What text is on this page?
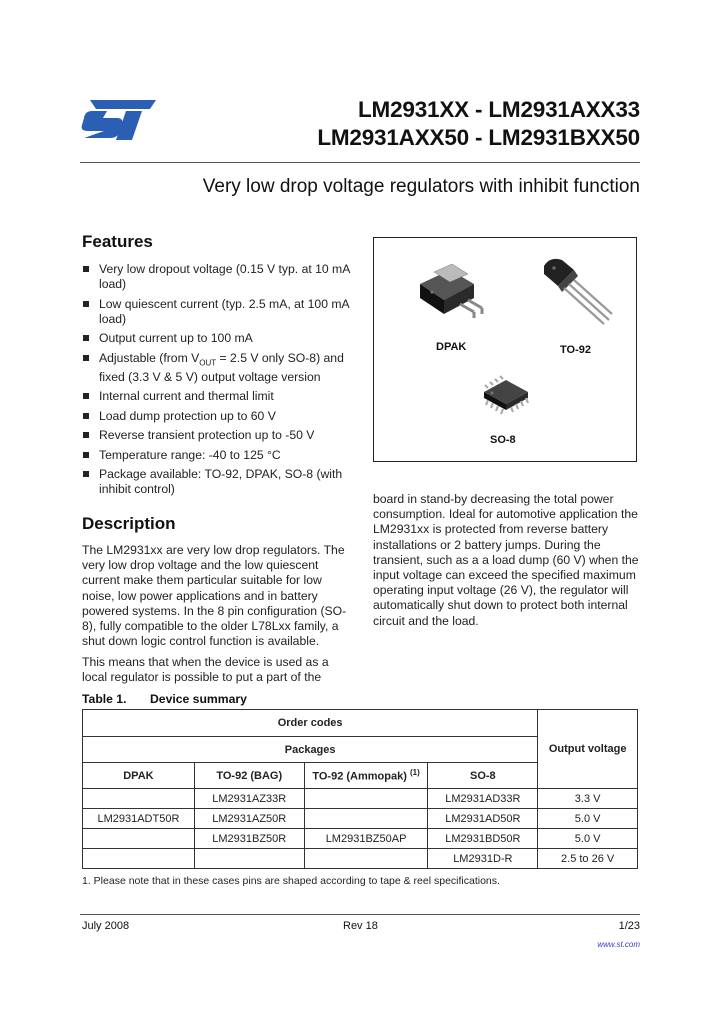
LM2931XX - LM2931AXX33
LM2931AXX50 - LM2931BXX50
Very low drop voltage regulators with inhibit function
Features
Very low dropout voltage (0.15 V typ. at 10 mA load)
Low quiescent current (typ. 2.5 mA, at 100 mA load)
Output current up to 100 mA
Adjustable (from $V_{OUT} = 2.5$ V only SO-8) and fixed (3.3 V & 5 V) output voltage version
Internal current and thermal limit
Load dump protection up to 60 V
Reverse transient protection up to -50 V
Temperature range: -40 to 125 °C
Package available: TO-92, DPAK, SO-8 (with inhibit control)
DPAK	TO-92
SO-8
Description
The LM2931xx are very low drop regulators. The very low drop voltage and the low quiescent current make them particular suitable for low noise, low power applications and in battery powered systems. In the 8 pin configuration (SO-8), fully compatible to the older L78Lxx family, a shut down logic control function is available.
This means that when the device is used as a local regulator is possible to put a part of the
board in stand-by decreasing the total power consumption. Ideal for automotive application the LM2931xx is protected from reverse battery installations or 2 battery jumps. During the transient, such as a a load dump (60 V) when the input voltage can exceed the specified maximum operating input voltage (26 V), the regulator will automatically shut down to protect both internal circuit and the load.
Table 1. Device summary
Order codes				Output voltage
Packages				
DPAK	TO-92 (BAG)	TO-92 (Ammopak) $^{(1)}$	SO-8	
	LM2931AZ33R		LM2931AD33R	3.3 V
LM2931ADT50R	LM2931AZ50R		LM2931AD50R	5.0 V
	LM2931BZ50R	LM2931BZ50AP	LM2931BD50R	5.0 V
			LM2931D-R	2.5 to 26 V
1. Please note that in these cases pins are shaped according to tape & reel specifications.
July 2008	Rev 18	1/23
www.st.com
